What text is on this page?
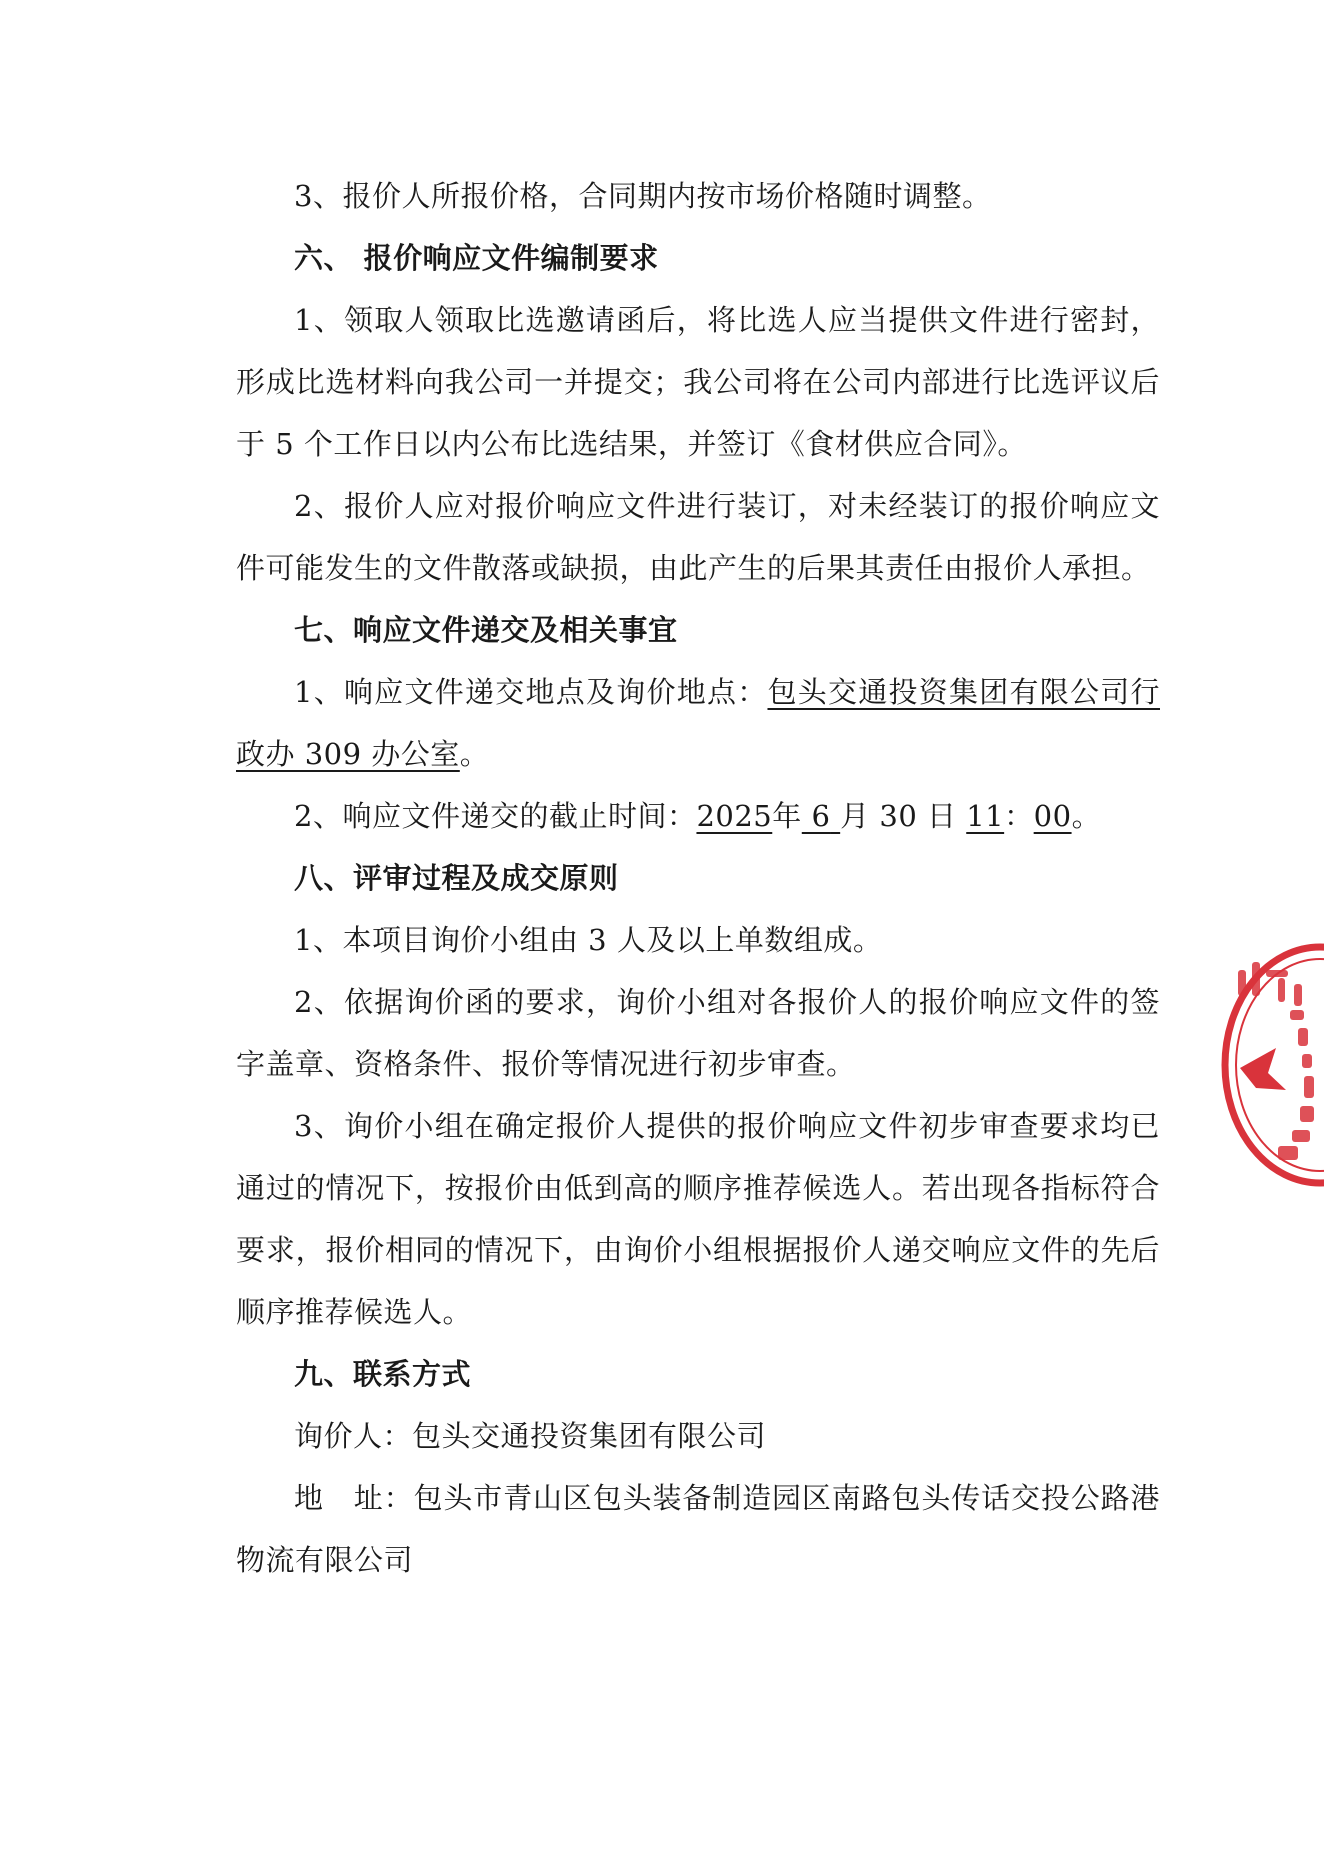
3、报价人所报价格，合同期内按市场价格随时调整。

六、 报价响应文件编制要求

1、领取人领取比选邀请函后，将比选人应当提供文件进行密封，形成比选材料向我公司一并提交；我公司将在公司内部进行比选评议后于 5 个工作日以内公布比选结果，并签订《食材供应合同》。

2、报价人应对报价响应文件进行装订，对未经装订的报价响应文件可能发生的文件散落或缺损，由此产生的后果其责任由报价人承担。

七、响应文件递交及相关事宜

1、响应文件递交地点及询价地点：包头交通投资集团有限公司行政办 309 办公室。

2、响应文件递交的截止时间：2025年 6 月 30 日 11：00。

八、评审过程及成交原则

1、本项目询价小组由 3 人及以上单数组成。

2、依据询价函的要求，询价小组对各报价人的报价响应文件的签字盖章、资格条件、报价等情况进行初步审查。

3、询价小组在确定报价人提供的报价响应文件初步审查要求均已通过的情况下，按报价由低到高的顺序推荐候选人。若出现各指标符合要求，报价相同的情况下，由询价小组根据报价人递交响应文件的先后顺序推荐候选人。

九、联系方式

询价人：包头交通投资集团有限公司

地　址：包头市青山区包头装备制造园区南路包头传话交投公路港物流有限公司
